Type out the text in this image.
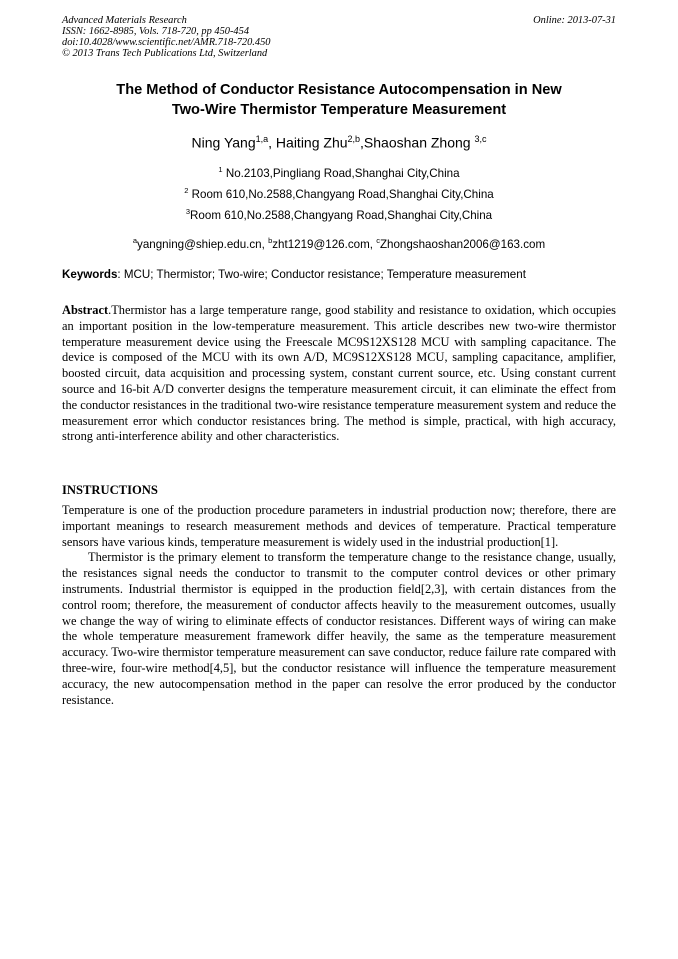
Advanced Materials Research
ISSN: 1662-8985, Vols. 718-720, pp 450-454
doi:10.4028/www.scientific.net/AMR.718-720.450
© 2013 Trans Tech Publications Ltd, Switzerland
Online: 2013-07-31
The Method of Conductor Resistance Autocompensation in New
Two-Wire Thermistor Temperature Measurement
Ning Yang$^{1,a}$, Haiting Zhu$^{2,b}$,Shaoshan Zhong $^{3,c}$
$^1$ No.2103,Pingliang Road,Shanghai City,China
$^2$ Room 610,No.2588,Changyang Road,Shanghai City,China
$^3$Room 610,No.2588,Changyang Road,Shanghai City,China
$^a$yangning@shiep.edu.cn, $^b$zht1219@126.com, $^c$Zhongshaoshan2006@163.com
Keywords: MCU; Thermistor; Two-wire; Conductor resistance; Temperature measurement

Abstract.Thermistor has a large temperature range, good stability and resistance to oxidation, which occupies an important position in the low-temperature measurement. This article describes new two-wire thermistor temperature measurement device using the Freescale MC9S12XS128 MCU with sampling capacitance. The device is composed of the MCU with its own A/D, MC9S12XS128 MCU, sampling capacitance, amplifier, boosted circuit, data acquisition and processing system, constant current source, etc. Using constant current source and 16-bit A/D converter designs the temperature measurement circuit, it can eliminate the effect from the conductor resistances in the traditional two-wire resistance temperature measurement system and reduce the measurement error which conductor resistances bring. The method is simple, practical, with high accuracy, strong anti-interference ability and other characteristics.

INSTRUCTIONS

Temperature is one of the production procedure parameters in industrial production now; therefore, there are important meanings to research measurement methods and devices of temperature. Practical temperature sensors have various kinds, temperature measurement is widely used in the industrial production[1].

Thermistor is the primary element to transform the temperature change to the resistance change, usually, the resistances signal needs the conductor to transmit to the computer control devices or other primary instruments. Industrial thermistor is equipped in the production field[2,3], with certain distances from the control room; therefore, the measurement of conductor affects heavily to the measurement outcomes, usually we change the way of wiring to eliminate effects of conductor resistances. Different ways of wiring can make the whole temperature measurement framework differ heavily, the same as the temperature measurement accuracy. Two-wire thermistor temperature measurement can save conductor, reduce failure rate compared with three-wire, four-wire method[4,5], but the conductor resistance will influence the temperature measurement accuracy, the new autocompensation method in the paper can resolve the error produced by the conductor resistance.
